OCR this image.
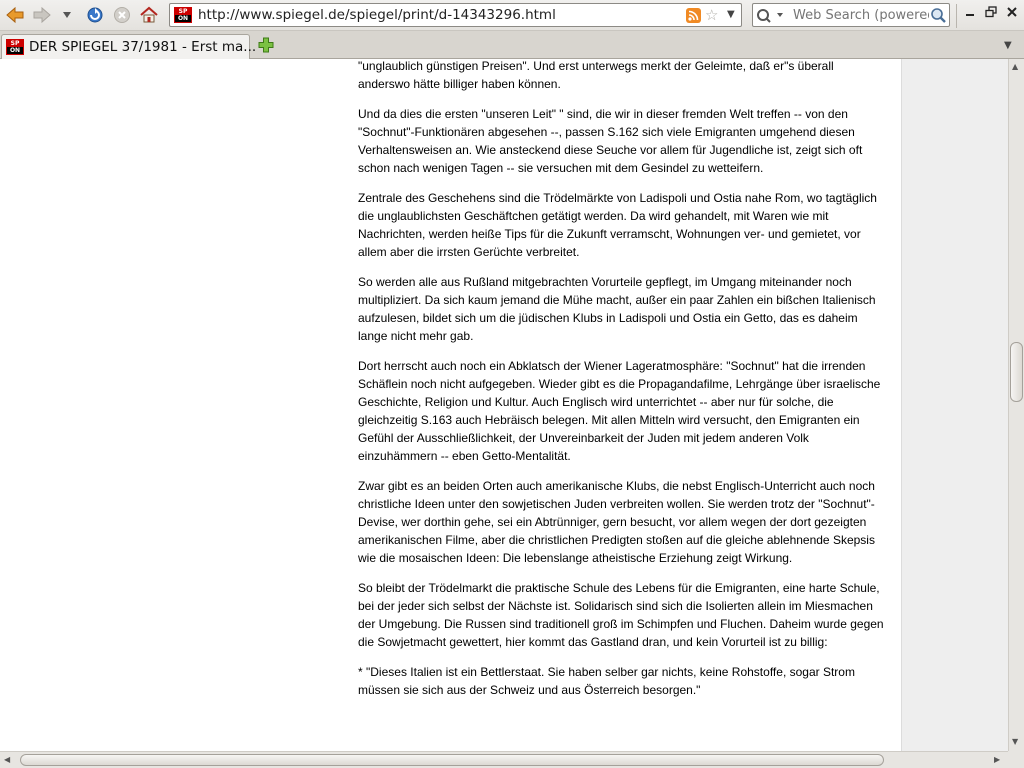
SP
ON http://www.spiegel.de/spiegel/print/d-14343296.html	☆ ▼
Web Search (powered
SP
ON DER SPIEGEL 37/1981 - Erst ma...	▼

"unglaublich günstigen Preisen". Und erst unterwegs merkt der Geleimte, daß er"s überall anderswo hätte billiger haben können.

Und da dies die ersten "unseren Leit" " sind, die wir in dieser fremden Welt treffen -- von den "Sochnut"-Funktionären abgesehen --, passen S.162 sich viele Emigranten umgehend diesen Verhaltensweisen an. Wie ansteckend diese Seuche vor allem für Jugendliche ist, zeigt sich oft schon nach wenigen Tagen -- sie versuchen mit dem Gesindel zu wetteifern.

Zentrale des Geschehens sind die Trödelmärkte von Ladispoli und Ostia nahe Rom, wo tagtäglich die unglaublichsten Geschäftchen getätigt werden. Da wird gehandelt, mit Waren wie mit Nachrichten, werden heiße Tips für die Zukunft verramscht, Wohnungen ver- und gemietet, vor allem aber die irrsten Gerüchte verbreitet.

So werden alle aus Rußland mitgebrachten Vorurteile gepflegt, im Umgang miteinander noch multipliziert. Da sich kaum jemand die Mühe macht, außer ein paar Zahlen ein bißchen Italienisch aufzulesen, bildet sich um die jüdischen Klubs in Ladispoli und Ostia ein Getto, das es daheim lange nicht mehr gab.

Dort herrscht auch noch ein Abklatsch der Wiener Lageratmosphäre: "Sochnut" hat die irrenden Schäflein noch nicht aufgegeben. Wieder gibt es die Propagandafilme, Lehrgänge über israelische Geschichte, Religion und Kultur. Auch Englisch wird unterrichtet -- aber nur für solche, die gleichzeitig S.163 auch Hebräisch belegen. Mit allen Mitteln wird versucht, den Emigranten ein Gefühl der Ausschließlichkeit, der Unvereinbarkeit der Juden mit jedem anderen Volk einzuhämmern -- eben Getto-Mentalität.

Zwar gibt es an beiden Orten auch amerikanische Klubs, die nebst Englisch-Unterricht auch noch christliche Ideen unter den sowjetischen Juden verbreiten wollen. Sie werden trotz der "Sochnut"-Devise, wer dorthin gehe, sei ein Abtrünniger, gern besucht, vor allem wegen der dort gezeigten amerikanischen Filme, aber die christlichen Predigten stoßen auf die gleiche ablehnende Skepsis wie die mosaischen Ideen: Die lebenslange atheistische Erziehung zeigt Wirkung.

So bleibt der Trödelmarkt die praktische Schule des Lebens für die Emigranten, eine harte Schule, bei der jeder sich selbst der Nächste ist. Solidarisch sind sich die Isolierten allein im Miesmachen der Umgebung. Die Russen sind traditionell groß im Schimpfen und Fluchen. Daheim wurde gegen die Sowjetmacht gewettert, hier kommt das Gastland dran, und kein Vorurteil ist zu billig:

* "Dieses Italien ist ein Bettlerstaat. Sie haben selber gar nichts, keine Rohstoffe, sogar Strom müssen sie sich aus der Schweiz und aus Österreich besorgen."

▲
▼
◀	▶
